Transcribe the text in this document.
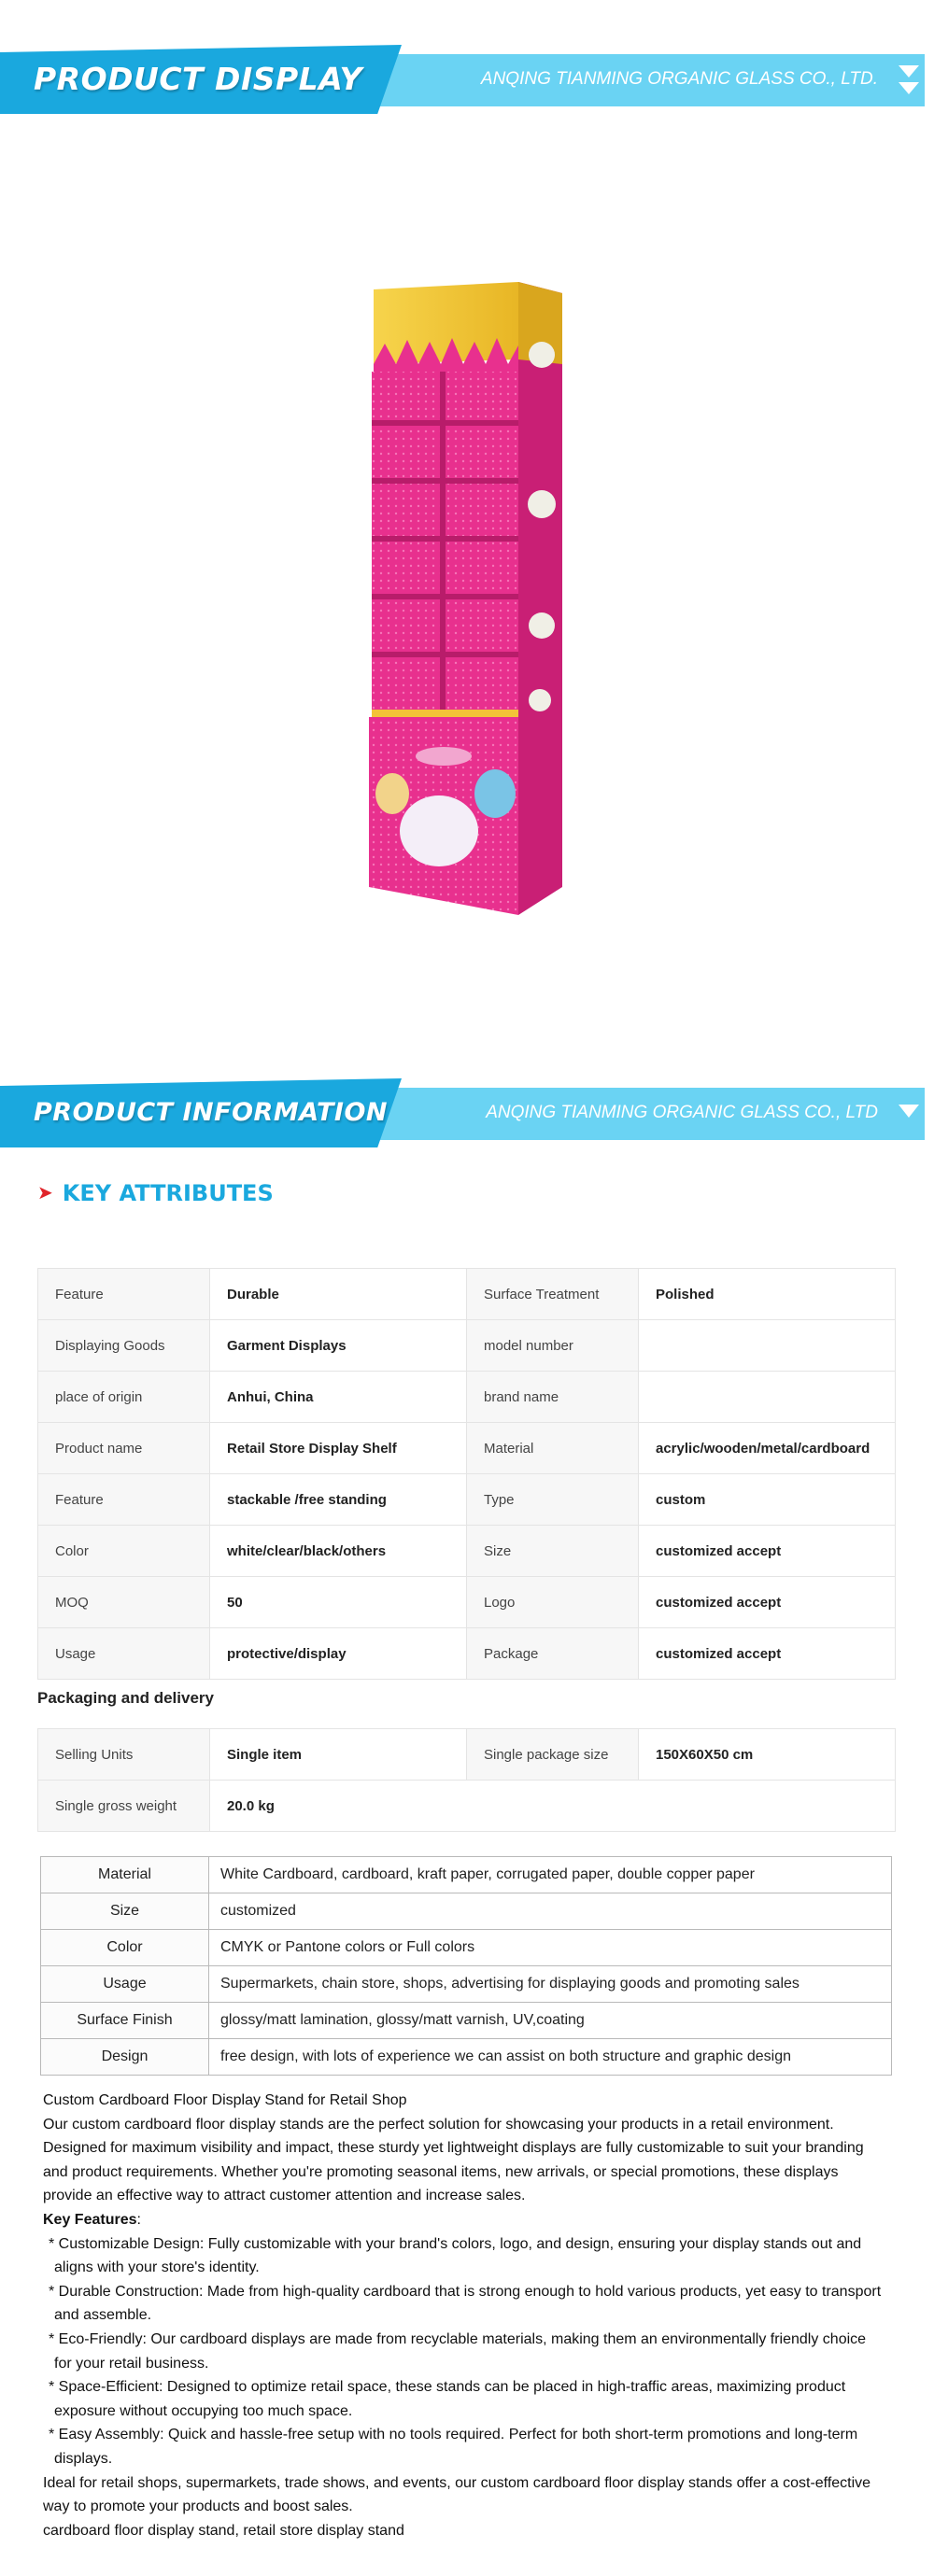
PRODUCT DISPLAY	ANQING TIANMING ORGANIC GLASS CO., LTD.
PRODUCT INFORMATION	ANQING TIANMING ORGANIC GLASS CO., LTD
➤ KEY ATTRIBUTES
Feature	Durable	Surface Treatment	Polished
Displaying Goods	Garment Displays	model number	
place of origin	Anhui, China	brand name	
Product name	Retail Store Display Shelf	Material	acrylic/wooden/metal/cardboard
Feature	stackable /free standing	Type	custom
Color	white/clear/black/others	Size	customized accept
MOQ	50	Logo	customized accept
Usage	protective/display	Package	customized accept
Packaging and delivery
Selling Units	Single item	Single package size	150X60X50 cm
Single gross weight	20.0 kg		
Material	White Cardboard, cardboard, kraft paper, corrugated paper, double copper paper
Size	customized
Color	CMYK or Pantone colors or Full colors
Usage	Supermarkets, chain store, shops, advertising for displaying goods and promoting sales
Surface Finish	glossy/matt lamination, glossy/matt varnish, UV,coating
Design	free design, with lots of experience we can assist on both structure and graphic design

Custom Cardboard Floor Display Stand for Retail Shop

Our custom cardboard floor display stands are the perfect solution for showcasing your products in a retail environment. Designed for maximum visibility and impact, these sturdy yet lightweight displays are fully customizable to suit your branding and product requirements. Whether you're promoting seasonal items, new arrivals, or special promotions, these displays provide an effective way to attract customer attention and increase sales.

Key Features:

* Customizable Design: Fully customizable with your brand's colors, logo, and design, ensuring your display stands out and aligns with your store's identity.

* Durable Construction: Made from high-quality cardboard that is strong enough to hold various products, yet easy to transport and assemble.

* Eco-Friendly: Our cardboard displays are made from recyclable materials, making them an environmentally friendly choice for your retail business.

* Space-Efficient: Designed to optimize retail space, these stands can be placed in high-traffic areas, maximizing product exposure without occupying too much space.

* Easy Assembly: Quick and hassle-free setup with no tools required. Perfect for both short-term promotions and long-term displays.

Ideal for retail shops, supermarkets, trade shows, and events, our custom cardboard floor display stands offer a cost-effective way to promote your products and boost sales.

cardboard floor display stand, retail store display stand
